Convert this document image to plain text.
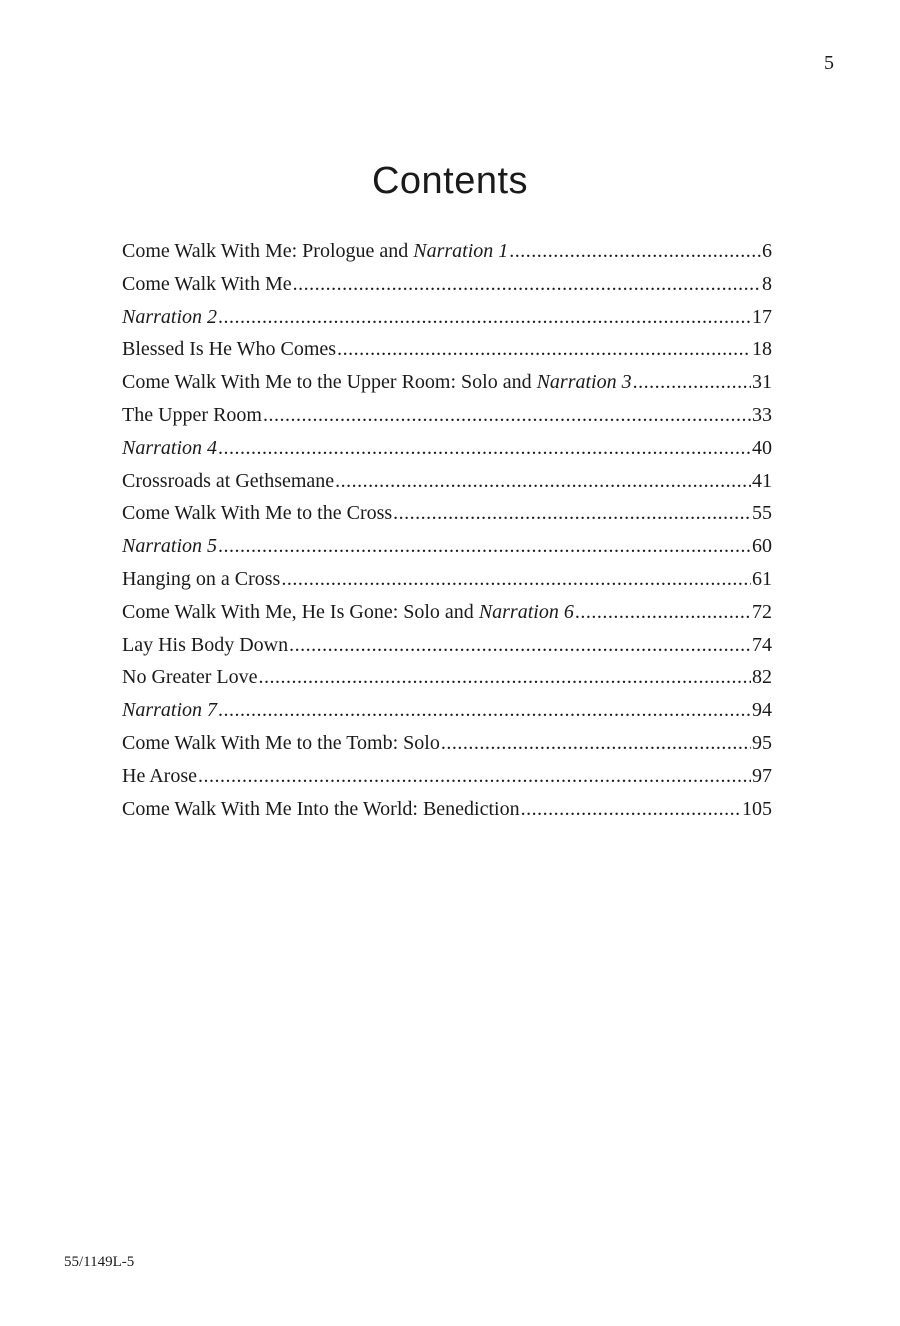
5
Contents
Come Walk With Me: Prologue and Narration 1 .....	6
Come Walk With Me .....	8
Narration 2 .....	17
Blessed Is He Who Comes .....	18
Come Walk With Me to the Upper Room: Solo and Narration 3 .....	31
The Upper Room .....	33
Narration 4 .....	40
Crossroads at Gethsemane .....	41
Come Walk With Me to the Cross .....	55
Narration 5 .....	60
Hanging on a Cross .....	61
Come Walk With Me, He Is Gone: Solo and Narration 6 .....	72
Lay His Body Down .....	74
No Greater Love .....	82
Narration 7 .....	94
Come Walk With Me to the Tomb: Solo .....	95
He Arose .....	97
Come Walk With Me Into the World: Benediction .....	105
55/1149L-5
